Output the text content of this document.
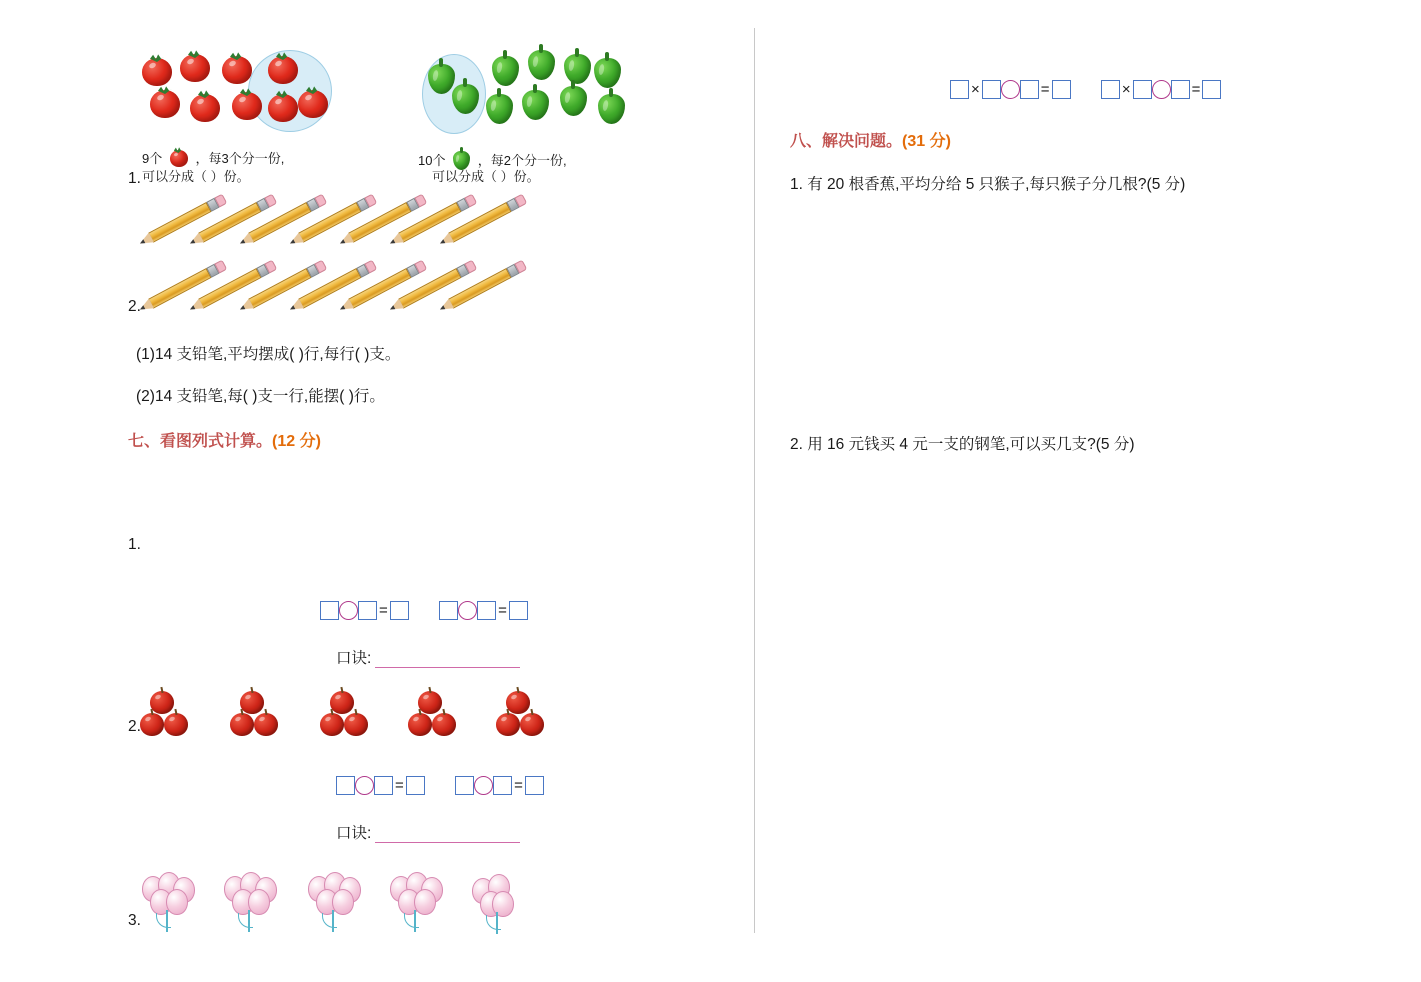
9个	，每3个分一份,
可以分成（ ）份。
10个 ，每2个分一份,
可以分成（ ）份。
1.
2.
(1)14 支铅笔,平均摆成( )行,每行( )支。
(2)14 支铅笔,每( )支一行,能摆( )行。
七、看图列式计算。(12 分)
1.
=	=
口诀:
2.
=	=
口诀:
3.
×	=	×	=
八、解决问题。(31 分)
1. 有 20 根香蕉,平均分给 5 只猴子,每只猴子分几根?(5 分)
2. 用 16 元钱买 4 元一支的钢笔,可以买几支?(5 分)
